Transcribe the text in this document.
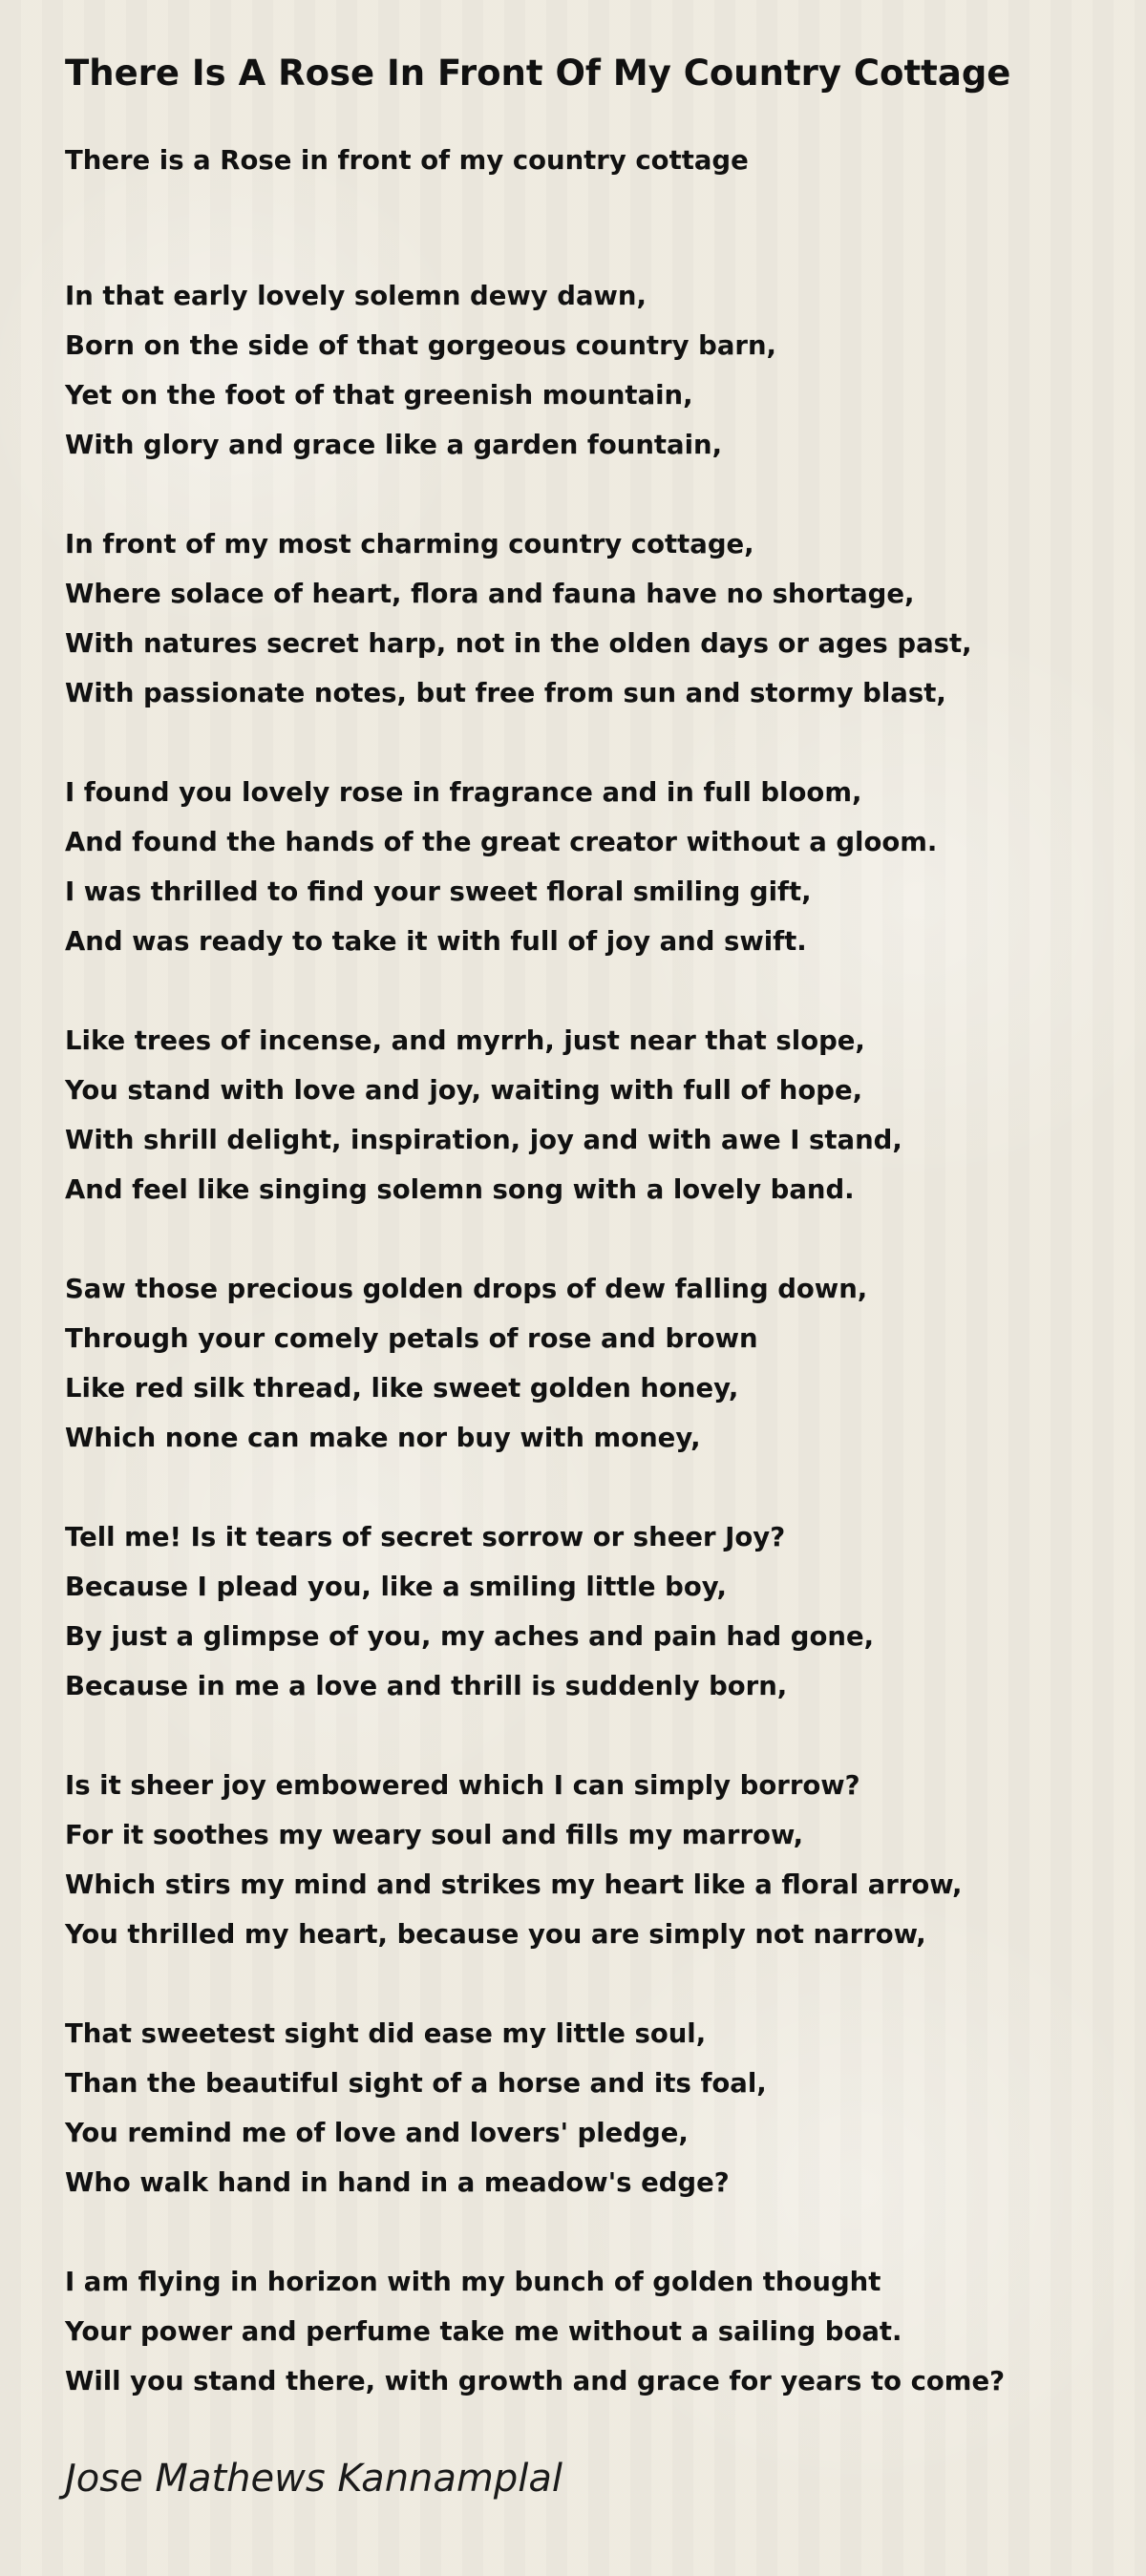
There Is A Rose In Front Of My Country Cottage
There is a Rose in front of my country cottage
In that early lovely solemn dewy dawn,
Born on the side of that gorgeous country barn,
Yet on the foot of that greenish mountain,
With glory and grace like a garden fountain,
In front of my most charming country cottage,
Where solace of heart, flora and fauna have no shortage,
With natures secret harp, not in the olden days or ages past,
With passionate notes, but free from sun and stormy blast,
I found you lovely rose in fragrance and in full bloom,
And found the hands of the great creator without a gloom.
I was thrilled to find your sweet floral smiling gift,
And was ready to take it with full of joy and swift.
Like trees of incense, and myrrh, just near that slope,
You stand with love and joy, waiting with full of hope,
With shrill delight, inspiration, joy and with awe I stand,
And feel like singing solemn song with a lovely band.
Saw those precious golden drops of dew falling down,
Through your comely petals of rose and brown
Like red silk thread, like sweet golden honey,
Which none can make nor buy with money,
Tell me! Is it tears of secret sorrow or sheer Joy?
Because I plead you, like a smiling little boy,
By just a glimpse of you, my aches and pain had gone,
Because in me a love and thrill is suddenly born,
Is it sheer joy embowered which I can simply borrow?
For it soothes my weary soul and fills my marrow,
Which stirs my mind and strikes my heart like a floral arrow,
You thrilled my heart, because you are simply not narrow,
That sweetest sight did ease my little soul,
Than the beautiful sight of a horse and its foal,
You remind me of love and lovers' pledge,
Who walk hand in hand in a meadow's edge?
I am flying in horizon with my bunch of golden thought
Your power and perfume take me without a sailing boat.
Will you stand there, with growth and grace for years to come?
Jose Mathews Kannamplal
